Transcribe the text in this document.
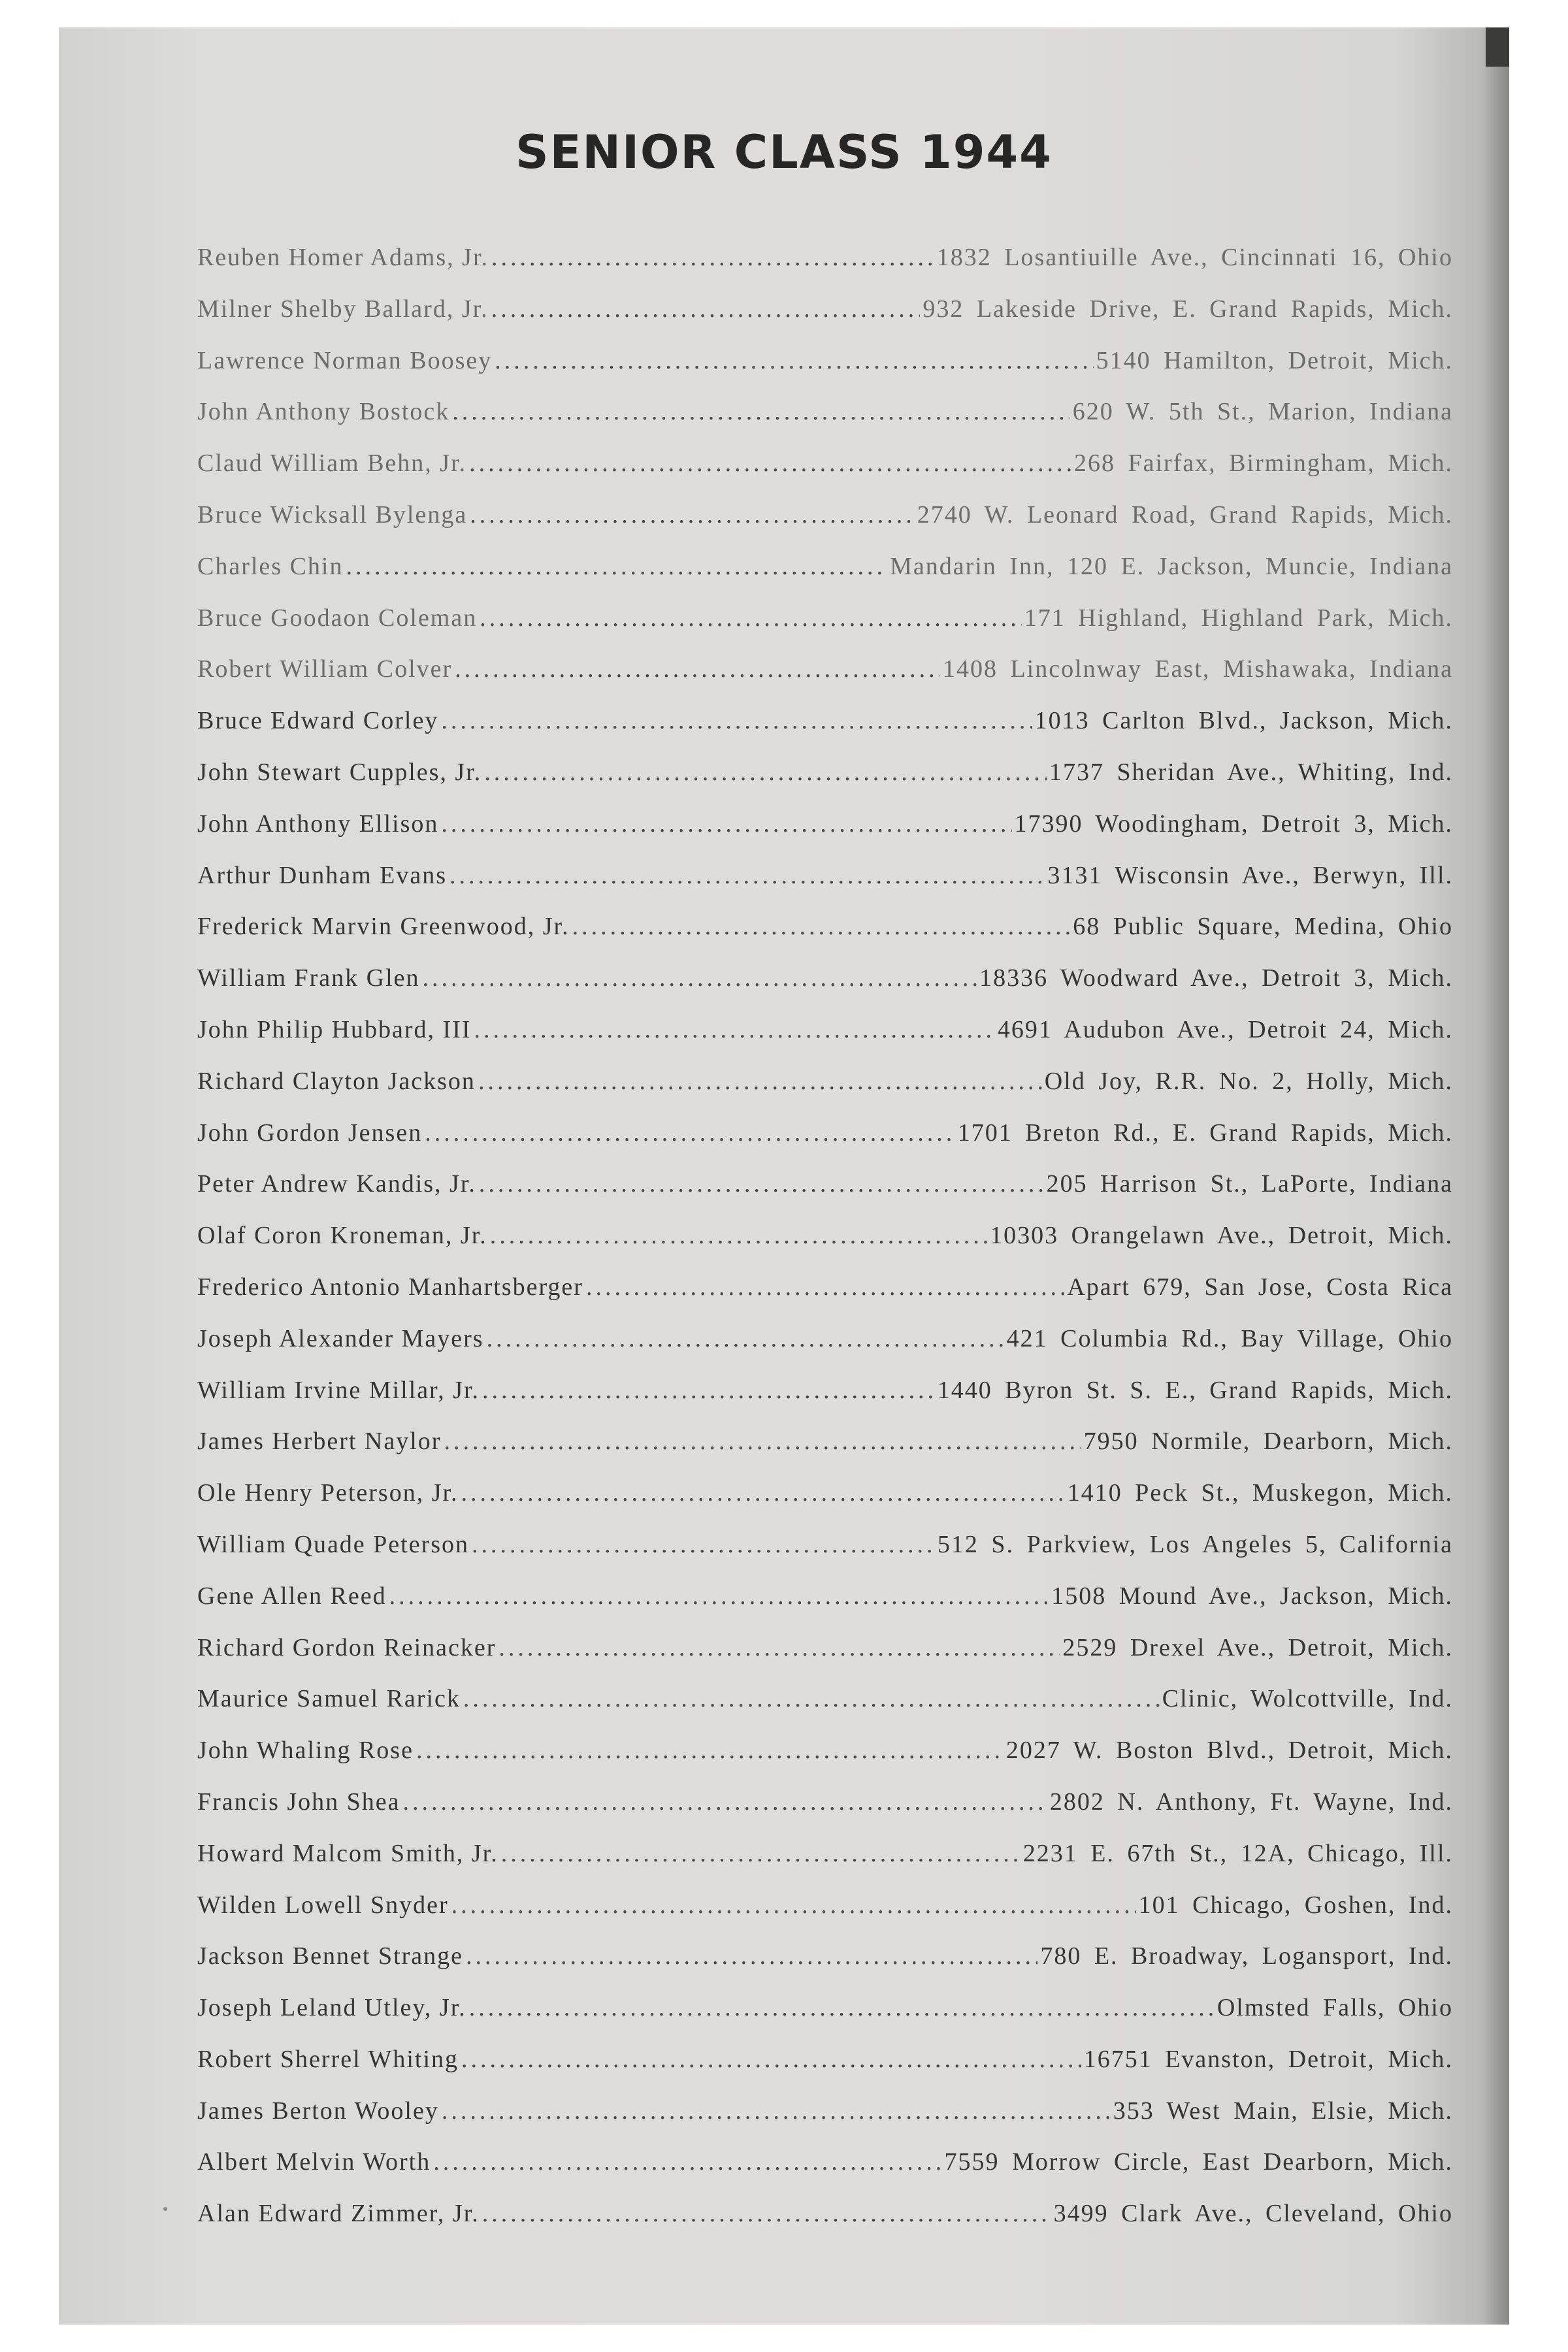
SENIOR CLASS 1944
Reuben Homer Adams, Jr. .....	1832 Losantiuille Ave., Cincinnati 16, Ohio
Milner Shelby Ballard, Jr. .....	932 Lakeside Drive, E. Grand Rapids, Mich.
Lawrence Norman Boosey .....	5140 Hamilton, Detroit, Mich.
John Anthony Bostock .....	620 W. 5th St., Marion, Indiana
Claud William Behn, Jr. .....	268 Fairfax, Birmingham, Mich.
Bruce Wicksall Bylenga .....	2740 W. Leonard Road, Grand Rapids, Mich.
Charles Chin .....	Mandarin Inn, 120 E. Jackson, Muncie, Indiana
Bruce Goodaon Coleman .....	171 Highland, Highland Park, Mich.
Robert William Colver .....	1408 Lincolnway East, Mishawaka, Indiana
Bruce Edward Corley .....	1013 Carlton Blvd., Jackson, Mich.
John Stewart Cupples, Jr. .....	1737 Sheridan Ave., Whiting, Ind.
John Anthony Ellison .....	17390 Woodingham, Detroit 3, Mich.
Arthur Dunham Evans .....	3131 Wisconsin Ave., Berwyn, Ill.
Frederick Marvin Greenwood, Jr. .....	68 Public Square, Medina, Ohio
William Frank Glen .....	18336 Woodward Ave., Detroit 3, Mich.
John Philip Hubbard, III .....	4691 Audubon Ave., Detroit 24, Mich.
Richard Clayton Jackson .....	Old Joy, R.R. No. 2, Holly, Mich.
John Gordon Jensen .....	1701 Breton Rd., E. Grand Rapids, Mich.
Peter Andrew Kandis, Jr. .....	205 Harrison St., LaPorte, Indiana
Olaf Coron Kroneman, Jr. .....	10303 Orangelawn Ave., Detroit, Mich.
Frederico Antonio Manhartsberger .....	Apart 679, San Jose, Costa Rica
Joseph Alexander Mayers .....	421 Columbia Rd., Bay Village, Ohio
William Irvine Millar, Jr. .....	1440 Byron St. S. E., Grand Rapids, Mich.
James Herbert Naylor .....	7950 Normile, Dearborn, Mich.
Ole Henry Peterson, Jr. .....	1410 Peck St., Muskegon, Mich.
William Quade Peterson .....	512 S. Parkview, Los Angeles 5, California
Gene Allen Reed .....	1508 Mound Ave., Jackson, Mich.
Richard Gordon Reinacker .....	2529 Drexel Ave., Detroit, Mich.
Maurice Samuel Rarick .....	Clinic, Wolcottville, Ind.
John Whaling Rose .....	2027 W. Boston Blvd., Detroit, Mich.
Francis John Shea .....	2802 N. Anthony, Ft. Wayne, Ind.
Howard Malcom Smith, Jr. .....	2231 E. 67th St., 12A, Chicago, Ill.
Wilden Lowell Snyder .....	101 Chicago, Goshen, Ind.
Jackson Bennet Strange .....	780 E. Broadway, Logansport, Ind.
Joseph Leland Utley, Jr. .....	Olmsted Falls, Ohio
Robert Sherrel Whiting .....	16751 Evanston, Detroit, Mich.
James Berton Wooley .....	353 West Main, Elsie, Mich.
Albert Melvin Worth .....	7559 Morrow Circle, East Dearborn, Mich.
Alan Edward Zimmer, Jr. .....	3499 Clark Ave., Cleveland, Ohio
